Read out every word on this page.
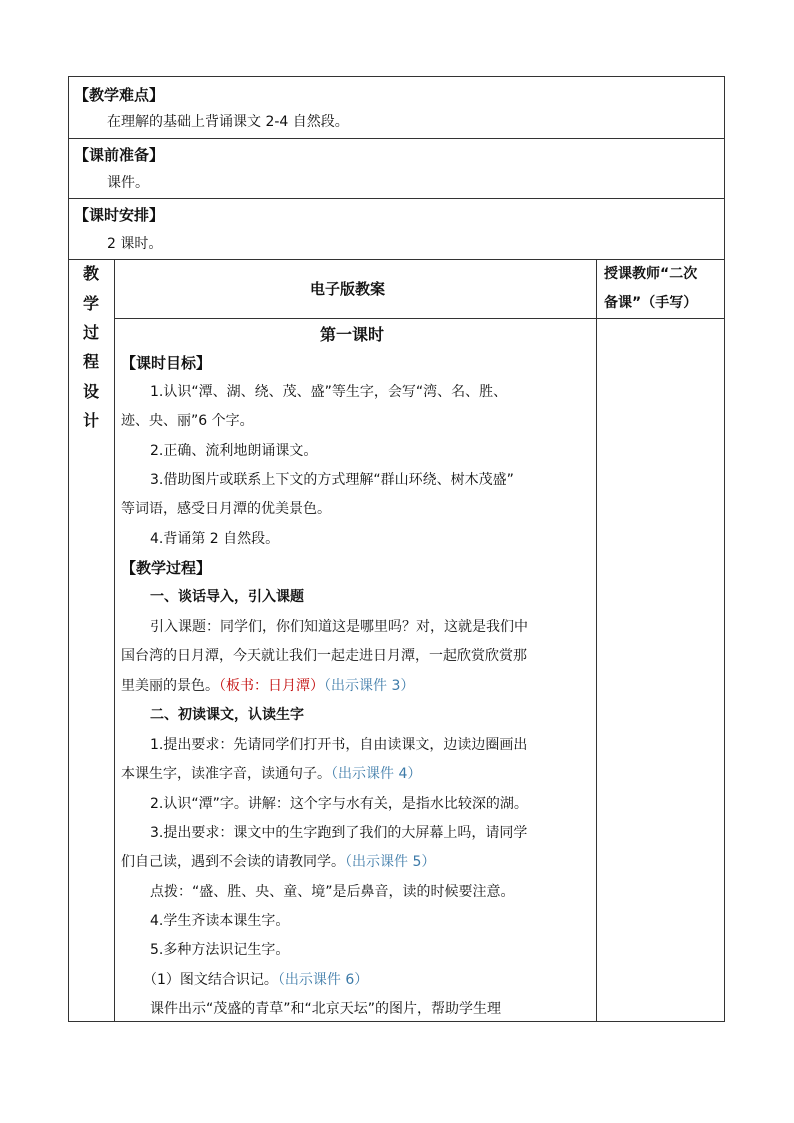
【教学难点】
在理解的基础上背诵课文 2-4 自然段。
【课前准备】
课件。
【课时安排】
2 课时。
教
学
过
程
设
计
电子版教案
授课教师“二次
备课”（手写）
第一课时
【课时目标】
1.认识“潭、湖、绕、茂、盛”等生字，会写“湾、名、胜、
迹、央、丽”6 个字。
2.正确、流利地朗诵课文。
3.借助图片或联系上下文的方式理解“群山环绕、树木茂盛”
等词语，感受日月潭的优美景色。
4.背诵第 2 自然段。
【教学过程】
一、谈话导入，引入课题
引入课题：同学们，你们知道这是哪里吗？对，这就是我们中
国台湾的日月潭，今天就让我们一起走进日月潭，一起欣赏欣赏那
里美丽的景色。（板书：日月潭）（出示课件 3）
二、初读课文，认读生字
1.提出要求：先请同学们打开书，自由读课文，边读边圈画出
本课生字，读准字音，读通句子。（出示课件 4）
2.认识“潭”字。讲解：这个字与水有关，是指水比较深的湖。
3.提出要求：课文中的生字跑到了我们的大屏幕上吗，请同学
们自己读，遇到不会读的请教同学。（出示课件 5）
点拨：“盛、胜、央、童、境”是后鼻音，读的时候要注意。
4.学生齐读本课生字。
5.多种方法识记生字。
（1）图文结合识记。（出示课件 6）
课件出示“茂盛的青草”和“北京天坛”的图片，帮助学生理
